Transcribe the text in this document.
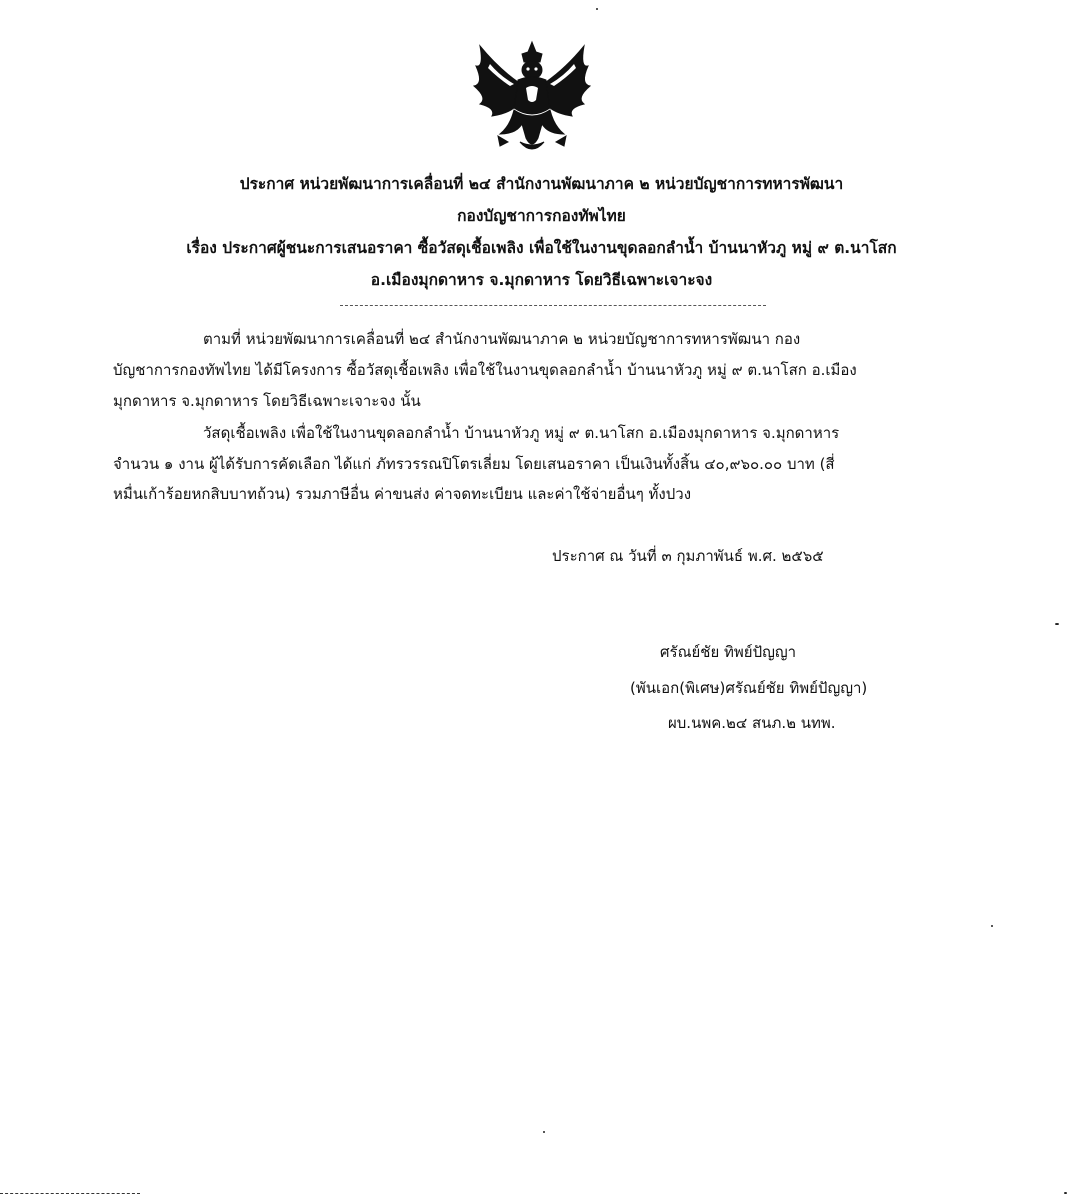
ประกาศ หน่วยพัฒนาการเคลื่อนที่ ๒๔ สำนักงานพัฒนาภาค ๒ หน่วยบัญชาการทหารพัฒนา
กองบัญชาการกองทัพไทย
เรื่อง ประกาศผู้ชนะการเสนอราคา ซื้อวัสดุเชื้อเพลิง เพื่อใช้ในงานขุดลอกลำน้ำ บ้านนาหัวภู หมู่ ๙ ต.นาโสก
อ.เมืองมุกดาหาร จ.มุกดาหาร โดยวิธีเฉพาะเจาะจง
ตามที่ หน่วยพัฒนาการเคลื่อนที่ ๒๔ สำนักงานพัฒนาภาค ๒ หน่วยบัญชาการทหารพัฒนา กอง
บัญชาการกองทัพไทย ได้มีโครงการ ซื้อวัสดุเชื้อเพลิง เพื่อใช้ในงานขุดลอกลำน้ำ บ้านนาหัวภู หมู่ ๙ ต.นาโสก อ.เมือง
มุกดาหาร จ.มุกดาหาร โดยวิธีเฉพาะเจาะจง นั้น
วัสดุเชื้อเพลิง เพื่อใช้ในงานขุดลอกลำน้ำ บ้านนาหัวภู หมู่ ๙ ต.นาโสก อ.เมืองมุกดาหาร จ.มุกดาหาร
จำนวน ๑ งาน ผู้ได้รับการคัดเลือก ได้แก่ ภัทรวรรณปิโตรเลี่ยม โดยเสนอราคา เป็นเงินทั้งสิ้น ๔๐,๙๖๐.๐๐ บาท (สี่
หมื่นเก้าร้อยหกสิบบาทถ้วน) รวมภาษีอื่น ค่าขนส่ง ค่าจดทะเบียน และค่าใช้จ่ายอื่นๆ ทั้งปวง
ประกาศ ณ วันที่ ๓ กุมภาพันธ์ พ.ศ. ๒๕๖๕
ศรัณย์ชัย ทิพย์ปัญญา
(พันเอก(พิเศษ)ศรัณย์ชัย ทิพย์ปัญญา)
ผบ.นพค.๒๔ สนภ.๒ นทพ.
